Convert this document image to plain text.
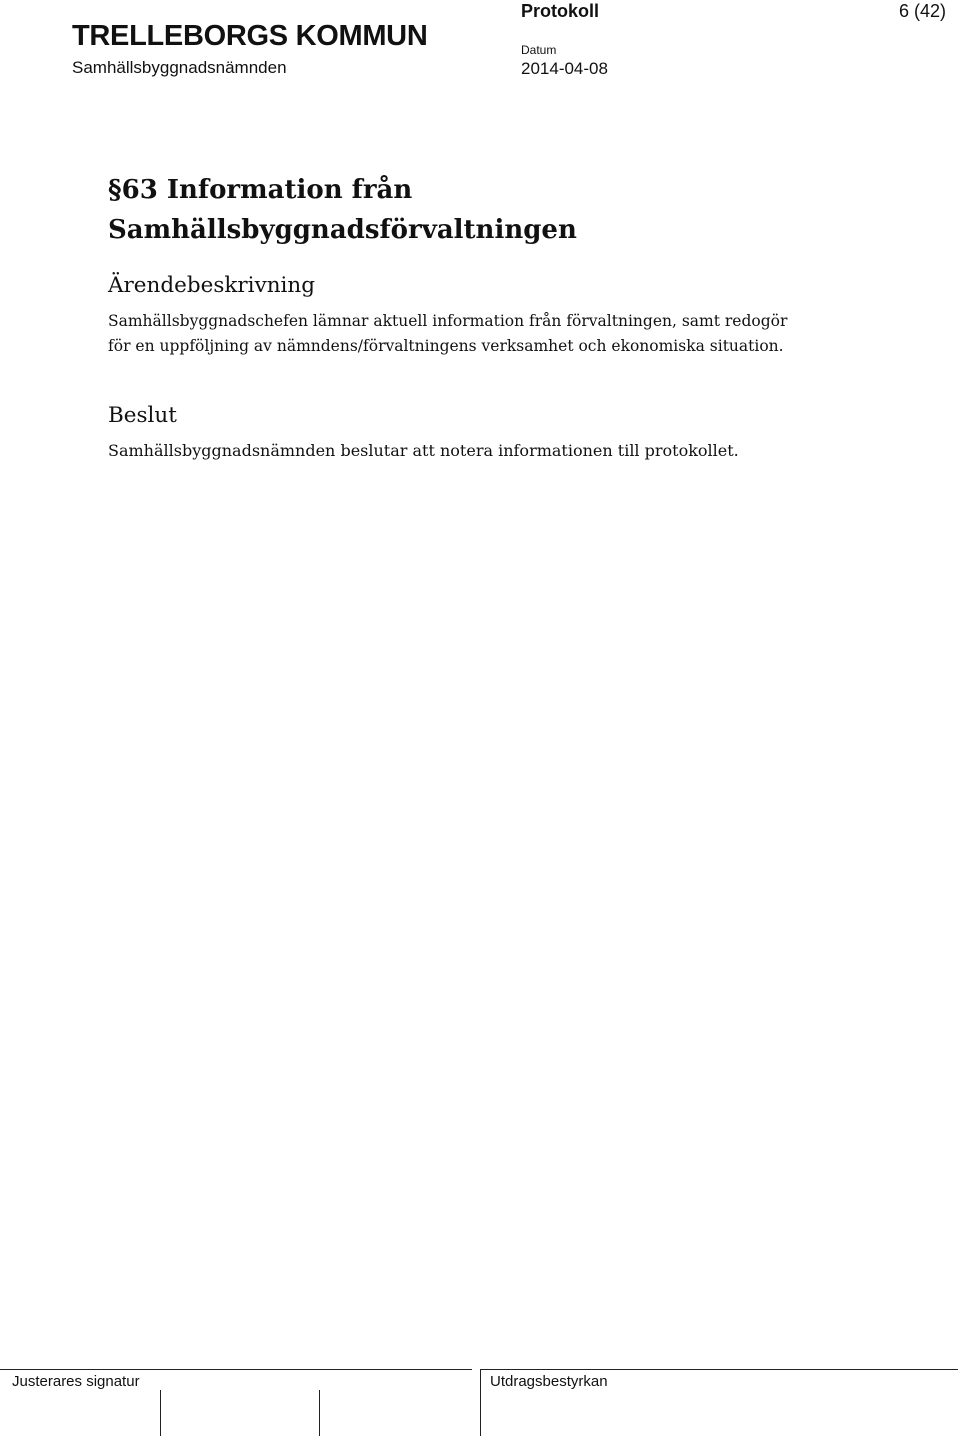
TRELLEBORGS KOMMUN
Samhällsbyggnadsnämnden
Protokoll
Datum
2014-04-08
6 (42)
§63 Information från Samhällsbyggnadsförvaltningen
Ärendebeskrivning
Samhällsbyggnadschefen lämnar aktuell information från förvaltningen, samt redogör för en uppföljning av nämndens/förvaltningens verksamhet och ekonomiska situation.
Beslut
Samhällsbyggnadsnämnden beslutar att notera informationen till protokollet.
Justerares signatur	Utdragsbestyrkan
